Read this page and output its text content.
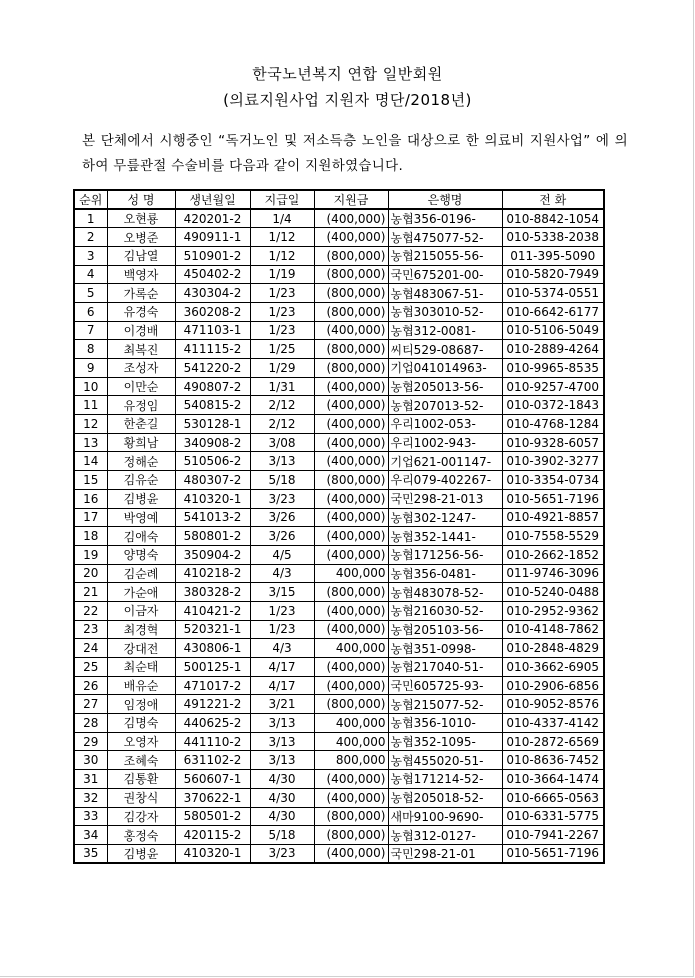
한국노년복지 연합 일반회원
(의료지원사업 지원자 명단/2018년)
본 단체에서 시행중인 “독거노인 및 저소득층 노인을 대상으로 한 의료비 지원사업” 에 의하여 무릎관절 수술비를 다음과 같이 지원하였습니다.
순위	성 명	생년월일	지급일	지원금	은행명	전 화
1	오현룡	420201-2	1/4	(400,000)	농협356-0196-	010-8842-1054
2	오병준	490911-1	1/12	(400,000)	농협475077-52-	010-5338-2038
3	김남열	510901-2	1/12	(800,000)	농협215055-56-	011-395-5090
4	백영자	450402-2	1/19	(800,000)	국민675201-00-	010-5820-7949
5	가록순	430304-2	1/23	(800,000)	농협483067-51-	010-5374-0551
6	유경숙	360208-2	1/23	(800,000)	농협303010-52-	010-6642-6177
7	이경배	471103-1	1/23	(400,000)	농협312-0081-	010-5106-5049
8	최복진	411115-2	1/25	(800,000)	씨티529-08687-	010-2889-4264
9	조성자	541220-2	1/29	(800,000)	기업041014963-	010-9965-8535
10	이만순	490807-2	1/31	(400,000)	농협205013-56-	010-9257-4700
11	유정임	540815-2	2/12	(400,000)	농협207013-52-	010-0372-1843
12	한춘길	530128-1	2/12	(400,000)	우리1002-053-	010-4768-1284
13	황희남	340908-2	3/08	(400,000)	우리1002-943-	010-9328-6057
14	정해순	510506-2	3/13	(400,000)	기업621-001147-	010-3902-3277
15	김유순	480307-2	5/18	(800,000)	우리079-402267-	010-3354-0734
16	김병윤	410320-1	3/23	(400,000)	국민298-21-013	010-5651-7196
17	박영예	541013-2	3/26	(400,000)	농협302-1247-	010-4921-8857
18	김애숙	580801-2	3/26	(400,000)	농협352-1441-	010-7558-5529
19	양명숙	350904-2	4/5	(400,000)	농협171256-56-	010-2662-1852
20	김순례	410218-2	4/3	400,000	농협356-0481-	011-9746-3096
21	가순애	380328-2	3/15	(800,000)	농협483078-52-	010-5240-0488
22	이금자	410421-2	1/23	(400,000)	농협216030-52-	010-2952-9362
23	최경혁	520321-1	1/23	(400,000)	농협205103-56-	010-4148-7862
24	강대전	430806-1	4/3	400,000	농협351-0998-	010-2848-4829
25	최순태	500125-1	4/17	(400,000)	농협217040-51-	010-3662-6905
26	배유순	471017-2	4/17	(400,000)	국민605725-93-	010-2906-6856
27	임정애	491221-2	3/21	(800,000)	농협215077-52-	010-9052-8576
28	김명숙	440625-2	3/13	400,000	농협356-1010-	010-4337-4142
29	오영자	441110-2	3/13	400,000	농협352-1095-	010-2872-6569
30	조혜숙	631102-2	3/13	800,000	농협455020-51-	010-8636-7452
31	김통환	560607-1	4/30	(400,000)	농협171214-52-	010-3664-1474
32	권창식	370622-1	4/30	(400,000)	농협205018-52-	010-6665-0563
33	김강자	580501-2	4/30	(800,000)	새마9100-9690-	010-6331-5775
34	홍정숙	420115-2	5/18	(800,000)	농협312-0127-	010-7941-2267
35	김병윤	410320-1	3/23	(400,000)	국민298-21-01	010-5651-7196
